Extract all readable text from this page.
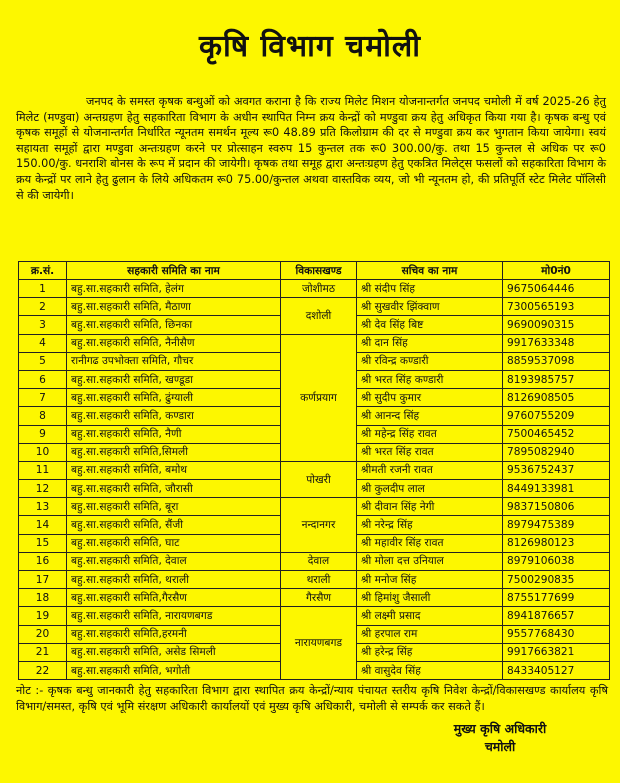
कृषि विभाग चमोली
जनपद के समस्त कृषक बन्धुओं को अवगत कराना है कि राज्य मिलेट मिशन योजनान्तर्गत जनपद चमोली में वर्ष 2025-26 हेतु मिलेट (मण्डुवा) अन्तग्रहण हेतु सहकारिता विभाग के अधीन स्थापित निम्न क्रय केन्द्रों को मण्डुवा क्रय हेतु अधिकृत किया गया है। कृषक बन्धु एवं कृषक समूहों से योजनान्तर्गत निर्धारित न्यूनतम समर्थन मूल्य रू0 48.89 प्रति किलोग्राम की दर से मण्डुवा क्रय कर भुगतान किया जायेगा। स्वयं सहायता समूहों द्वारा मण्डुवा अन्तःग्रहण करने पर प्रोत्साहन स्वरुप 15 कुन्तल तक रू0 300.00/कु. तथा 15 कुन्तल से अधिक पर रू0 150.00/कु. धनराशि बोनस के रूप में प्रदान की जायेगी। कृषक तथा समूह द्वारा अन्तःग्रहण हेतु एकत्रित मिलेट्स फसलों को सहकारिता विभाग के क्रय केन्द्रों पर लाने हेतु ढुलान के लिये अधिकतम रू0 75.00/कुन्तल अथवा वास्तविक व्यय, जो भी न्यूनतम हो, की प्रतिपूर्ति स्टेट मिलेट पॉलिसी से की जायेगी।
क्र.सं.	सहकारी समिति का नाम	विकासखण्ड	सचिव का नाम	मो0नं0
1	बहु.सा.सहकारी समिति, हेलंग	जोशीमठ	श्री संदीप सिंह	9675064446
2	बहु.सा.सहकारी समिति, मैठाणा	दशोली	श्री सुखवीर झिंक्वाण	7300565193
3	बहु.सा.सहकारी समिति, छिनका		श्री देव सिंह बिष्ट	9690090315
4	बहु.सा.सहकारी समिति, नैनीसैण	कर्णप्रयाग	श्री दान सिंह	9917633348
5	रानीगढ उपभोक्ता समिति, गौचर		श्री रविन्द्र कण्डारी	8859537098
6	बहु.सा.सहकारी समिति, खण्डूडा		श्री भरत सिंह कण्डारी	8193985757
7	बहु.सा.सहकारी समिति, ढुंग्याली		श्री सुदीप कुमार	8126908505
8	बहु.सा.सहकारी समिति, कण्डारा		श्री आनन्द सिंह	9760755209
9	बहु.सा.सहकारी समिति, नैणी		श्री महेन्द्र सिंह रावत	7500465452
10	बहु.सा.सहकारी समिति,सिमली		श्री भरत सिंह रावत	7895082940
11	बहु.सा.सहकारी समिति, बमोथ	पोखरी	श्रीमती रजनी रावत	9536752437
12	बहु.सा.सहकारी समिति, जौरासी		श्री कुलदीप लाल	8449133981
13	बहु.सा.सहकारी समिति, बूरा	नन्दानगर	श्री दीवान सिंह नेगी	9837150806
14	बहु.सा.सहकारी समिति, सैंजी		श्री नरेन्द्र सिंह	8979475389
15	बहु.सा.सहकारी समिति, घाट		श्री महावीर सिंह रावत	8126980123
16	बहु.सा.सहकारी समिति, देवाल	देवाल	श्री मोला दत्त उनियाल	8979106038
17	बहु.सा.सहकारी समिति, थराली	थराली	श्री मनोज सिंह	7500290835
18	बहु.सा.सहकारी समिति,गैरसैण	गैरसैण	श्री हिमांशु जैसाली	8755177699
19	बहु.सा.सहकारी समिति, नारायणबगड	नारायणबगड	श्री लक्ष्मी प्रसाद	8941876657
20	बहु.सा.सहकारी समिति,हरमनी		श्री हरपाल राम	9557768430
21	बहु.सा.सहकारी समिति, असेड सिमली		श्री हरेन्द्र सिंह	9917663821
22	बहु.सा.सहकारी समिति, भगोती		श्री वासुदेव सिंह	8433405127
नोट :- कृषक बन्धु जानकारी हेतु सहकारिता विभाग द्वारा स्थापित क्रय केन्द्रों/न्याय पंचायत स्तरीय कृषि निवेश केन्द्रों/विकासखण्ड कार्यालय कृषि विभाग/समस्त, कृषि एवं भूमि संरक्षण अधिकारी कार्यालयों एवं मुख्य कृषि अधिकारी, चमोली से सम्पर्क कर सकते हैं।
मुख्य कृषि अधिकारी
चमोली
